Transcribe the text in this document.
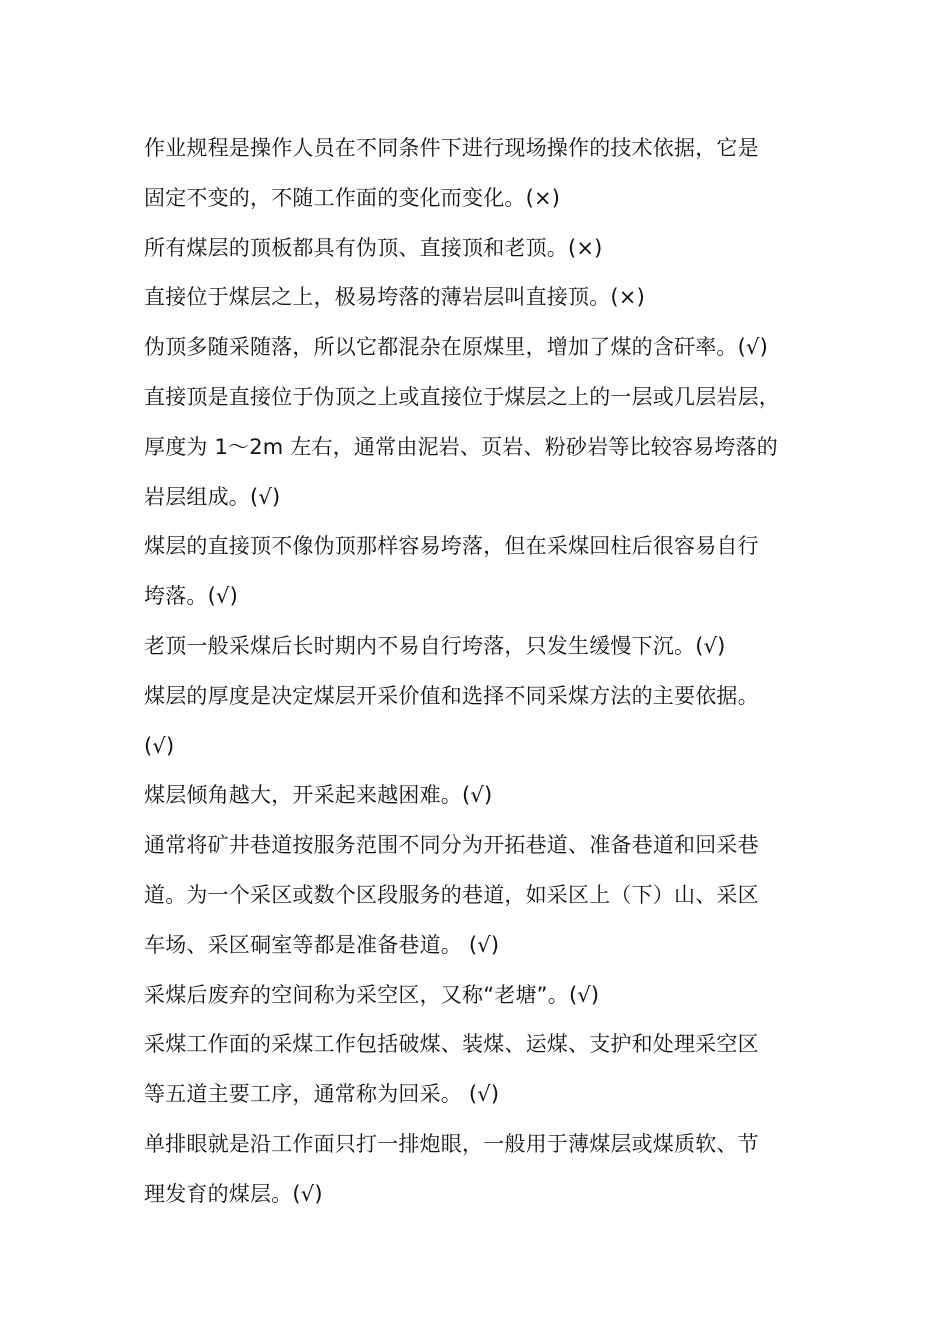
作业规程是操作人员在不同条件下进行现场操作的技术依据，它是
固定不变的，不随工作面的变化而变化。(×)
所有煤层的顶板都具有伪顶、直接顶和老顶。(×)
直接位于煤层之上，极易垮落的薄岩层叫直接顶。(×)
伪顶多随采随落，所以它都混杂在原煤里，增加了煤的含矸率。(√)
直接顶是直接位于伪顶之上或直接位于煤层之上的一层或几层岩层，
厚度为 1～2m 左右，通常由泥岩、页岩、粉砂岩等比较容易垮落的
岩层组成。(√)
煤层的直接顶不像伪顶那样容易垮落，但在采煤回柱后很容易自行
垮落。(√)
老顶一般采煤后长时期内不易自行垮落，只发生缓慢下沉。(√)
煤层的厚度是决定煤层开采价值和选择不同采煤方法的主要依据。
(√)
煤层倾角越大，开采起来越困难。(√)
通常将矿井巷道按服务范围不同分为开拓巷道、准备巷道和回采巷
道。为一个采区或数个区段服务的巷道，如采区上（下）山、采区
车场、采区硐室等都是准备巷道。 (√)
采煤后废弃的空间称为采空区，又称“老塘”。(√)
采煤工作面的采煤工作包括破煤、装煤、运煤、支护和处理采空区
等五道主要工序，通常称为回采。 (√)
单排眼就是沿工作面只打一排炮眼，一般用于薄煤层或煤质软、节
理发育的煤层。(√)
